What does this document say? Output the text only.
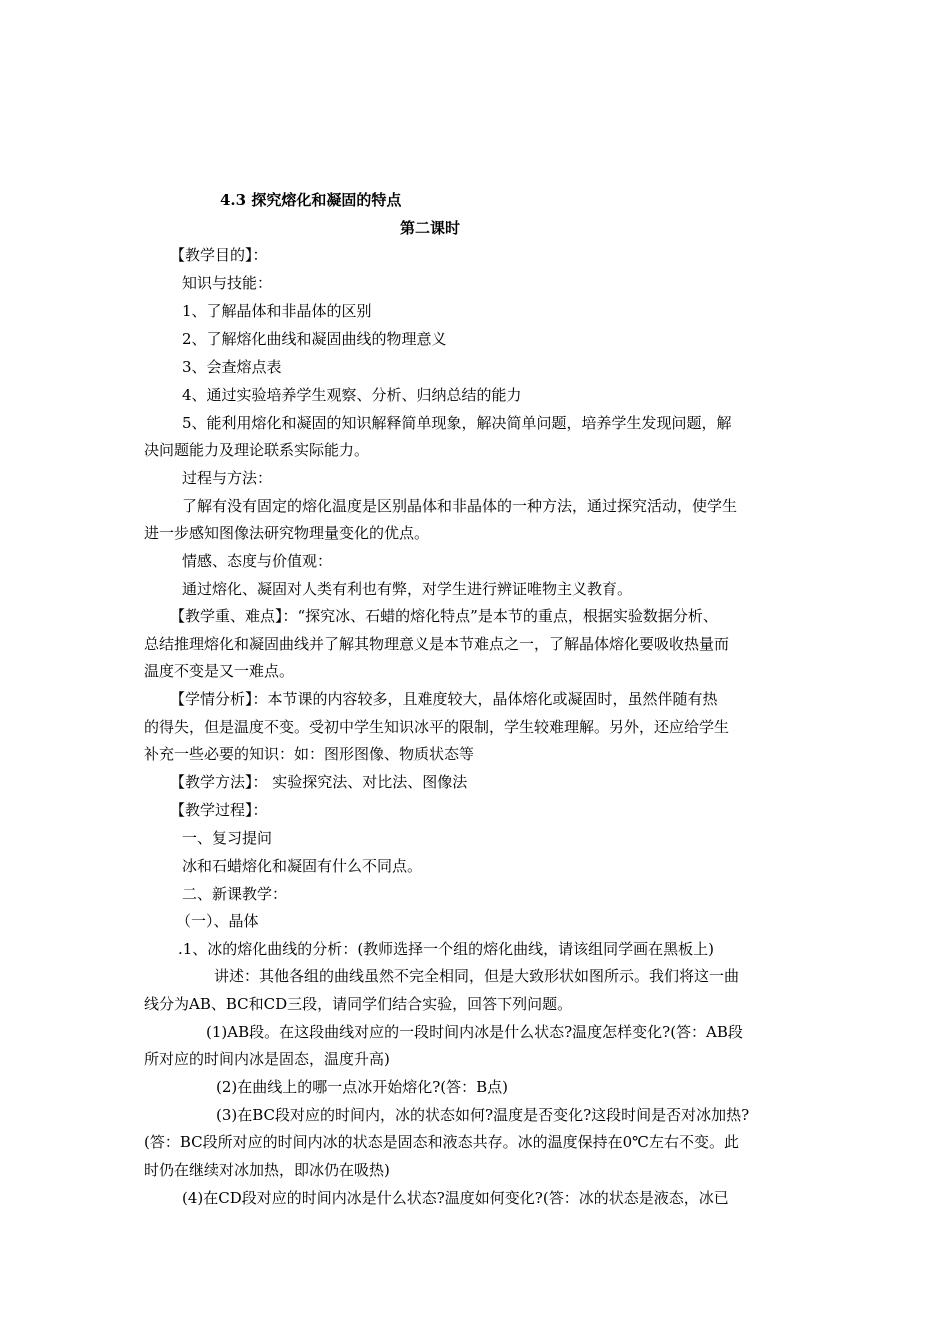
4.3 探究熔化和凝固的特点
第二课时
【教学目的】：
知识与技能：
1、了解晶体和非晶体的区别
2、了解熔化曲线和凝固曲线的物理意义
3、会查熔点表
4、通过实验培养学生观察、分析、归纳总结的能力
5、能利用熔化和凝固的知识解释简单现象，解决简单问题，培养学生发现问题，解
决问题能力及理论联系实际能力。
过程与方法：
了解有没有固定的熔化温度是区别晶体和非晶体的一种方法，通过探究活动，使学生
进一步感知图像法研究物理量变化的优点。
情感、态度与价值观：
通过熔化、凝固对人类有利也有弊，对学生进行辨证唯物主义教育。
【教学重、难点】：“探究冰、石蜡的熔化特点”是本节的重点，根据实验数据分析、
总结推理熔化和凝固曲线并了解其物理意义是本节难点之一，了解晶体熔化要吸收热量而
温度不变是又一难点。
【学情分析】：本节课的内容较多，且难度较大，晶体熔化或凝固时，虽然伴随有热
的得失，但是温度不变。受初中学生知识冰平的限制，学生较难理解。另外，还应给学生
补充一些必要的知识：如：图形图像、物质状态等
【教学方法】： 实验探究法、对比法、图像法
【教学过程】：
一、复习提问
冰和石蜡熔化和凝固有什么不同点。
二、新课教学：
（一）、晶体
.1、冰的熔化曲线的分析：(教师选择一个组的熔化曲线，请该组同学画在黑板上)
讲述：其他各组的曲线虽然不完全相同，但是大致形状如图所示。我们将这一曲
线分为AB、BC和CD三段，请同学们结合实验，回答下列问题。
(1)AB段。在这段曲线对应的一段时间内冰是什么状态?温度怎样变化?(答：AB段
所对应的时间内冰是固态，温度升高)
(2)在曲线上的哪一点冰开始熔化?(答：B点)
(3)在BC段对应的时间内，冰的状态如何?温度是否变化?这段时间是否对冰加热?
(答：BC段所对应的时间内冰的状态是固态和液态共存。冰的温度保持在0℃左右不变。此
时仍在继续对冰加热，即冰仍在吸热)
(4)在CD段对应的时间内冰是什么状态?温度如何变化?(答：冰的状态是液态，冰已
